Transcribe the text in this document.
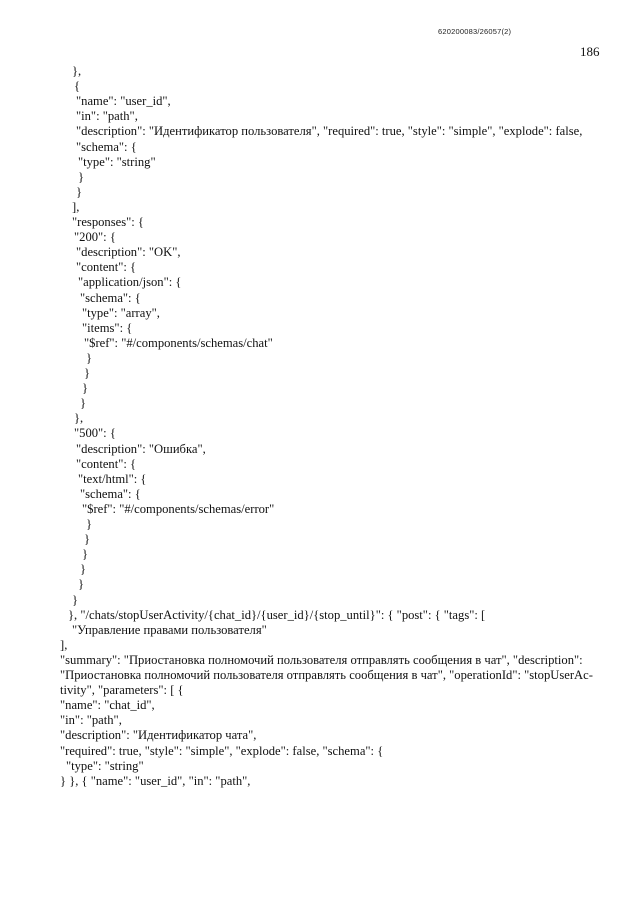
620200083/26057(2)
186
},
{
"name": "user_id",
"in": "path",
"description": "Идентификатор пользователя", "required": true, "style": "simple", "explode": false,
"schema": {
"type": "string"
}
}
],
"responses": {
"200": {
"description": "OK",
"content": {
"application/json": {
"schema": {
"type": "array",
"items": {
"$ref": "#/components/schemas/chat"
}
}
}
}
},
"500": {
"description": "Ошибка",
"content": {
"text/html": {
"schema": {
"$ref": "#/components/schemas/error"
}
}
}
}
}
}
}, "/chats/stopUserActivity/{chat_id}/{user_id}/{stop_until}": { "post": { "tags": [
"Управление правами пользователя"
],
"summary": "Приостановка полномочий пользователя отправлять сообщения в чат", "description":
"Приостановка полномочий пользователя отправлять сообщения в чат", "operationId": "stopUserAc-
tivity", "parameters": [ {
"name": "chat_id",
"in": "path",
"description": "Идентификатор чата",
"required": true, "style": "simple", "explode": false, "schema": {
"type": "string"
} }, { "name": "user_id", "in": "path",
